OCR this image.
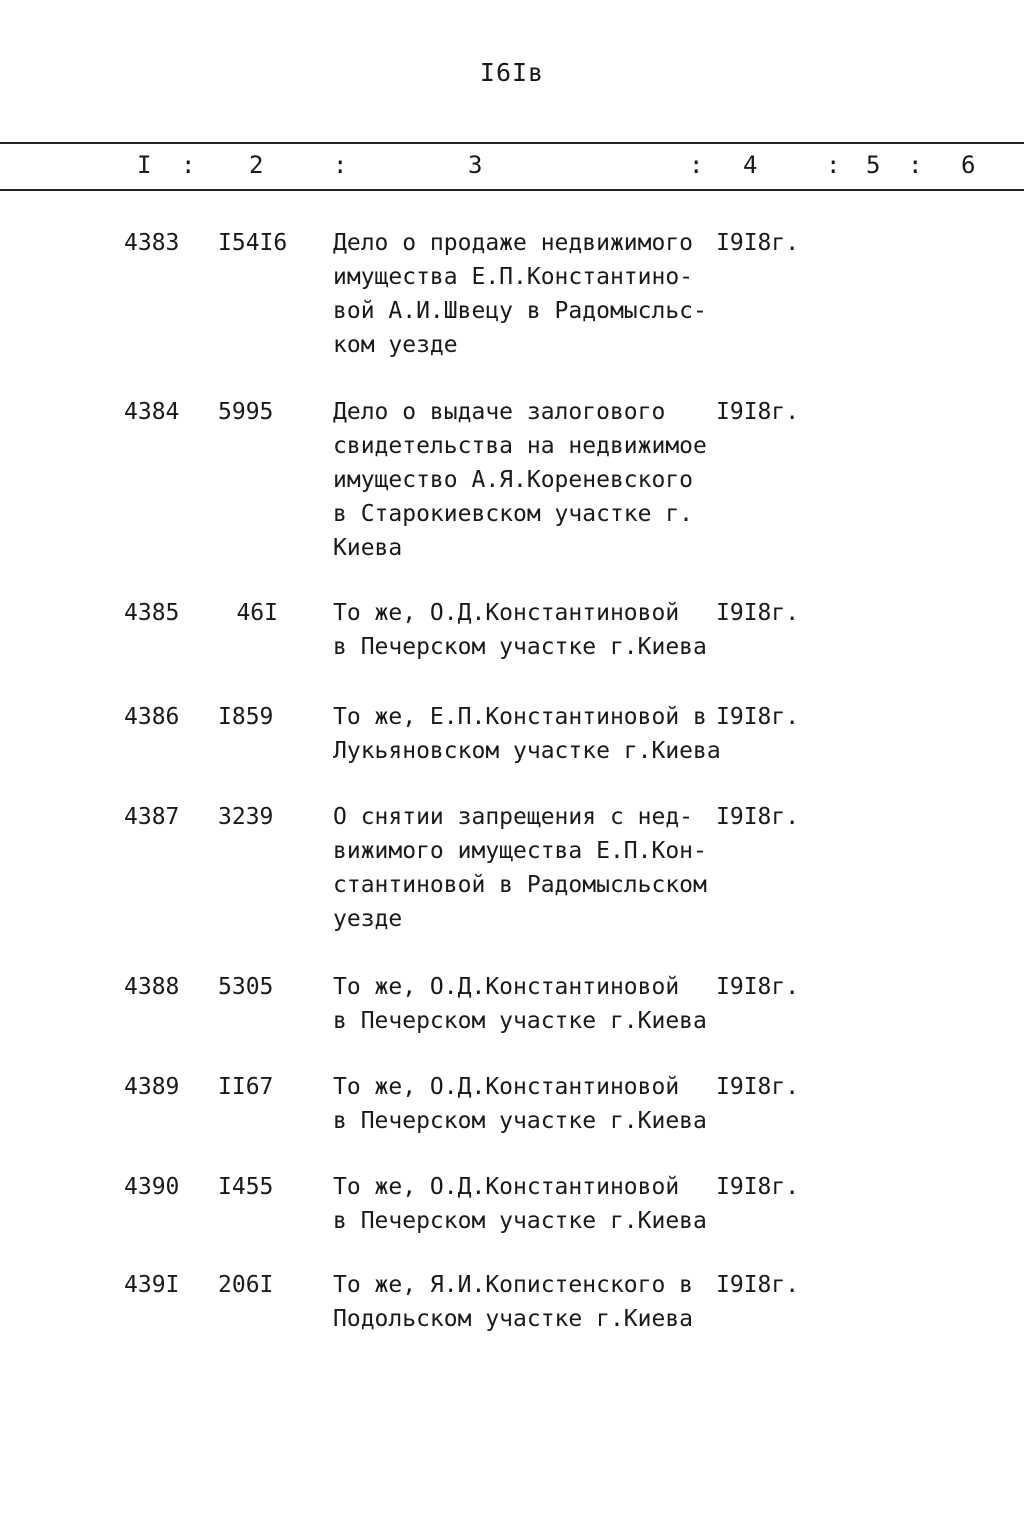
I6Iв
I : 2	:	3	: 4	: 5 : 6
4383 I54I6	Дело о продаже недвижимого
имущества Е.П.Константино-
вой А.И.Швецу в Радомысльс-
ком уезде
I9I8г.
4384 5995	Дело о выдаче залогового
свидетельства на недвижимое
имущество А.Я.Кореневского
в Старокиевском участке г.
Киева
I9I8г.
4385	46I То же, О.Д.Константиновой
в Печерском участке г.Киева
I9I8г.
4386 I859	То же, Е.П.Константиновой в
Лукьяновском участке г.Киева
I9I8г.
4387 3239	О снятии запрещения с нед-
вижимого имущества Е.П.Кон-
стантиновой в Радомысльском
уезде
I9I8г.
4388 5305	То же, О.Д.Константиновой
в Печерском участке г.Киева
I9I8г.
4389 II67	То же, О.Д.Константиновой
в Печерском участке г.Киева
I9I8г.
4390 I455	То же, О.Д.Константиновой
в Печерском участке г.Киева
I9I8г.
439I 206I	То же, Я.И.Копистенского в
Подольском участке г.Киева
I9I8г.
